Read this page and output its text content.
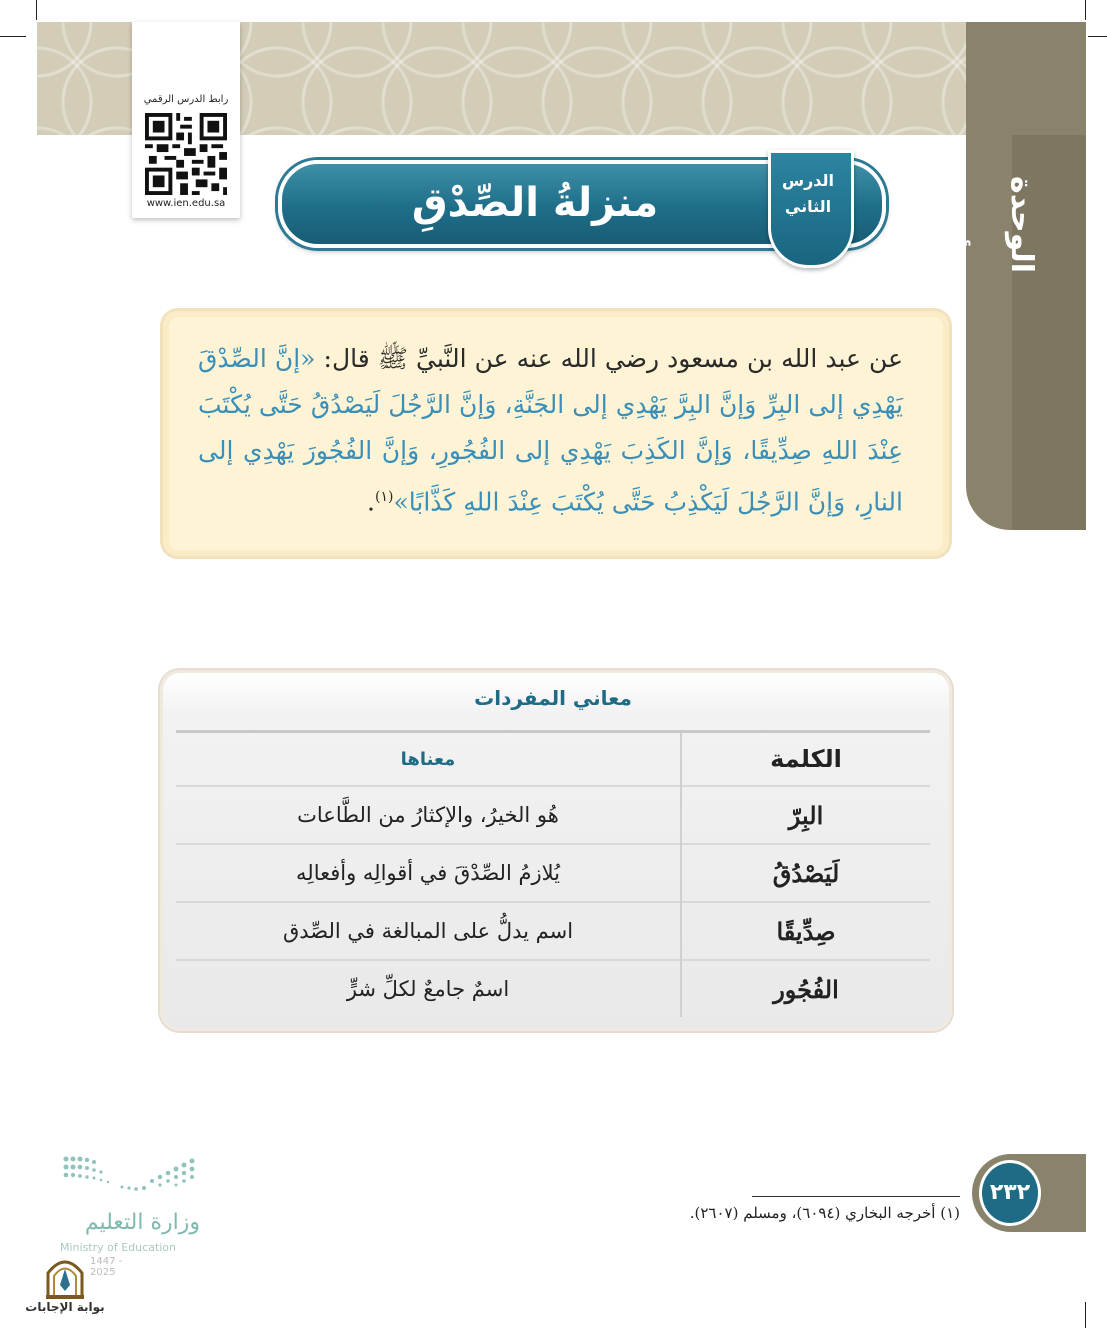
الوحدة الأولى
رابط الدرس الرقمي
www.ien.edu.sa	منزلةُ الصِّدْقِ	الدرس
الثاني
عن عبد الله بن مسعود رضي الله عنه عن النَّبيِّ ﷺ قال: «إنَّ الصِّدْقَ يَهْدِي إلى البِرِّ وَإنَّ البِرَّ يَهْدِي إلى الجَنَّةِ، وَإنَّ الرَّجُلَ لَيَصْدُقُ حَتَّى يُكْتَبَ عِنْدَ اللهِ صِدِّيقًا، وَإنَّ الكَذِبَ يَهْدِي إلى الفُجُورِ، وَإنَّ الفُجُورَ يَهْدِي إلى النارِ، وَإنَّ الرَّجُلَ لَيَكْذِبُ حَتَّى يُكْتَبَ عِنْدَ اللهِ كَذَّابًا»$^{(١)}$.
معاني المفردات
الكلمة	معناها
البِرّ	هُو الخيرُ، والإكثارُ من الطَّاعات
لَيَصْدُقُ	يُلازمُ الصِّدْقَ في أقوالِه وأفعالِه
صِدِّيقًا	اسم يدلُّ على المبالغة في الصِّدق
الفُجُور	اسمٌ جامعٌ لكلِّ شرٍّ
٢٣٢
(١) أخرجه البخاري (٦٠٩٤)، ومسلم (٢٦٠٧).
وزارة التعليم
Ministry of Education
1447 - 2025
بوابة الإجابات
